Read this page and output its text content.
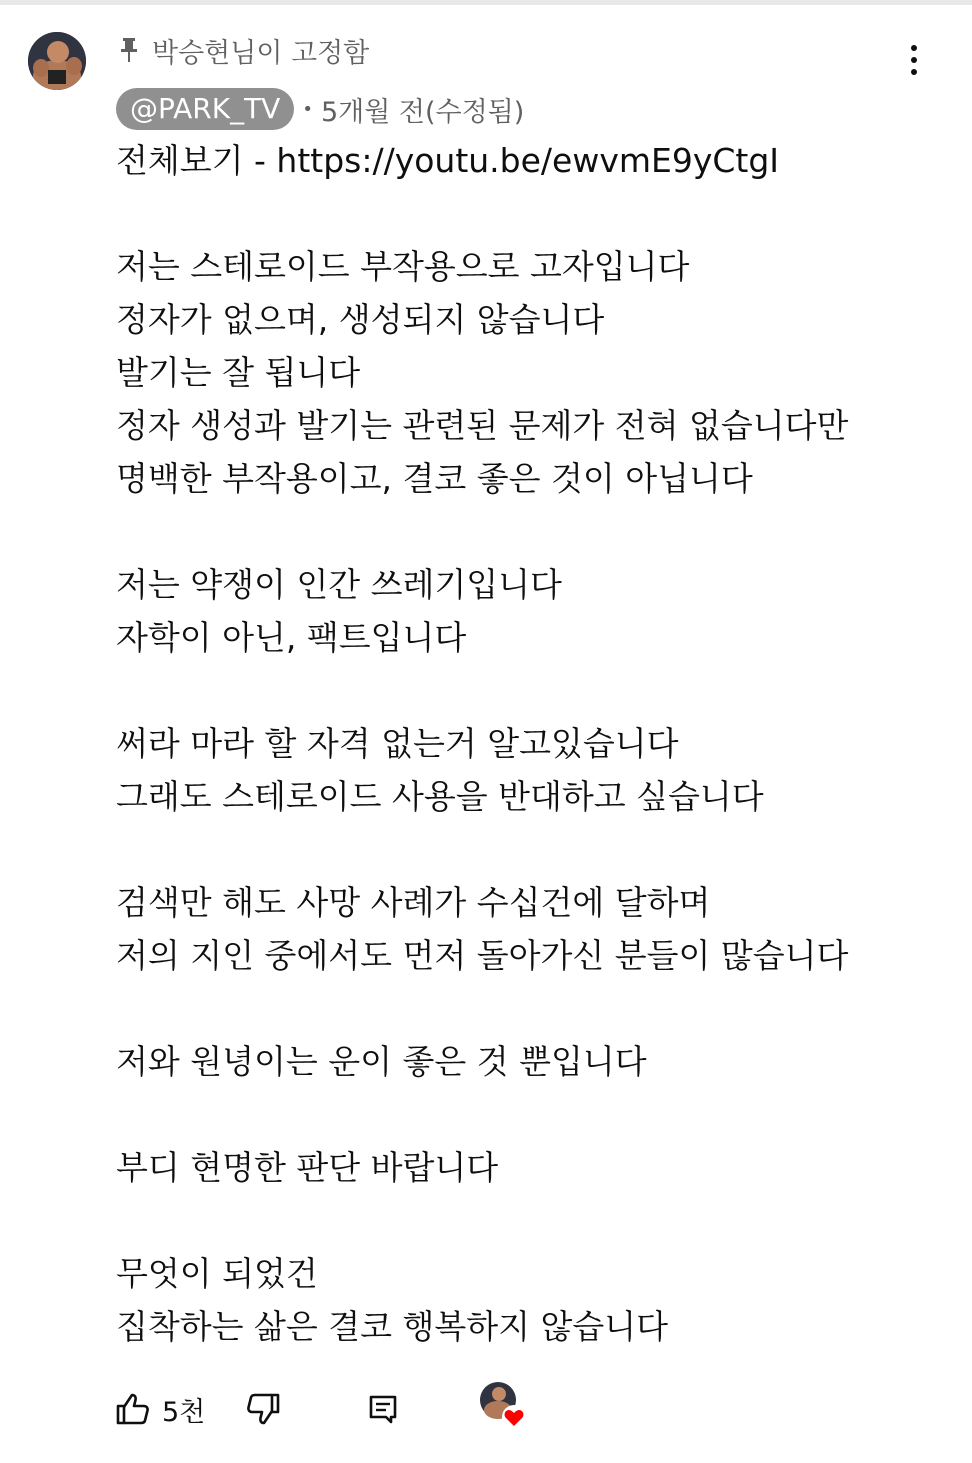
박승현님이 고정함
@PARK_TV	• 5개월 전(수정됨)
전체보기 - https://youtu.be/ewvmE9yCtgI
저는 스테로이드 부작용으로 고자입니다
정자가 없으며, 생성되지 않습니다
발기는 잘 됩니다
정자 생성과 발기는 관련된 문제가 전혀 없습니다만
명백한 부작용이고, 결코 좋은 것이 아닙니다
저는 약쟁이 인간 쓰레기입니다
자학이 아닌, 팩트입니다
써라 마라 할 자격 없는거 알고있습니다
그래도 스테로이드 사용을 반대하고 싶습니다
검색만 해도 사망 사례가 수십건에 달하며
저의 지인 중에서도 먼저 돌아가신 분들이 많습니다
저와 원녕이는 운이 좋은 것 뿐입니다
부디 현명한 판단 바랍니다
무엇이 되었건
집착하는 삶은 결코 행복하지 않습니다
5천
